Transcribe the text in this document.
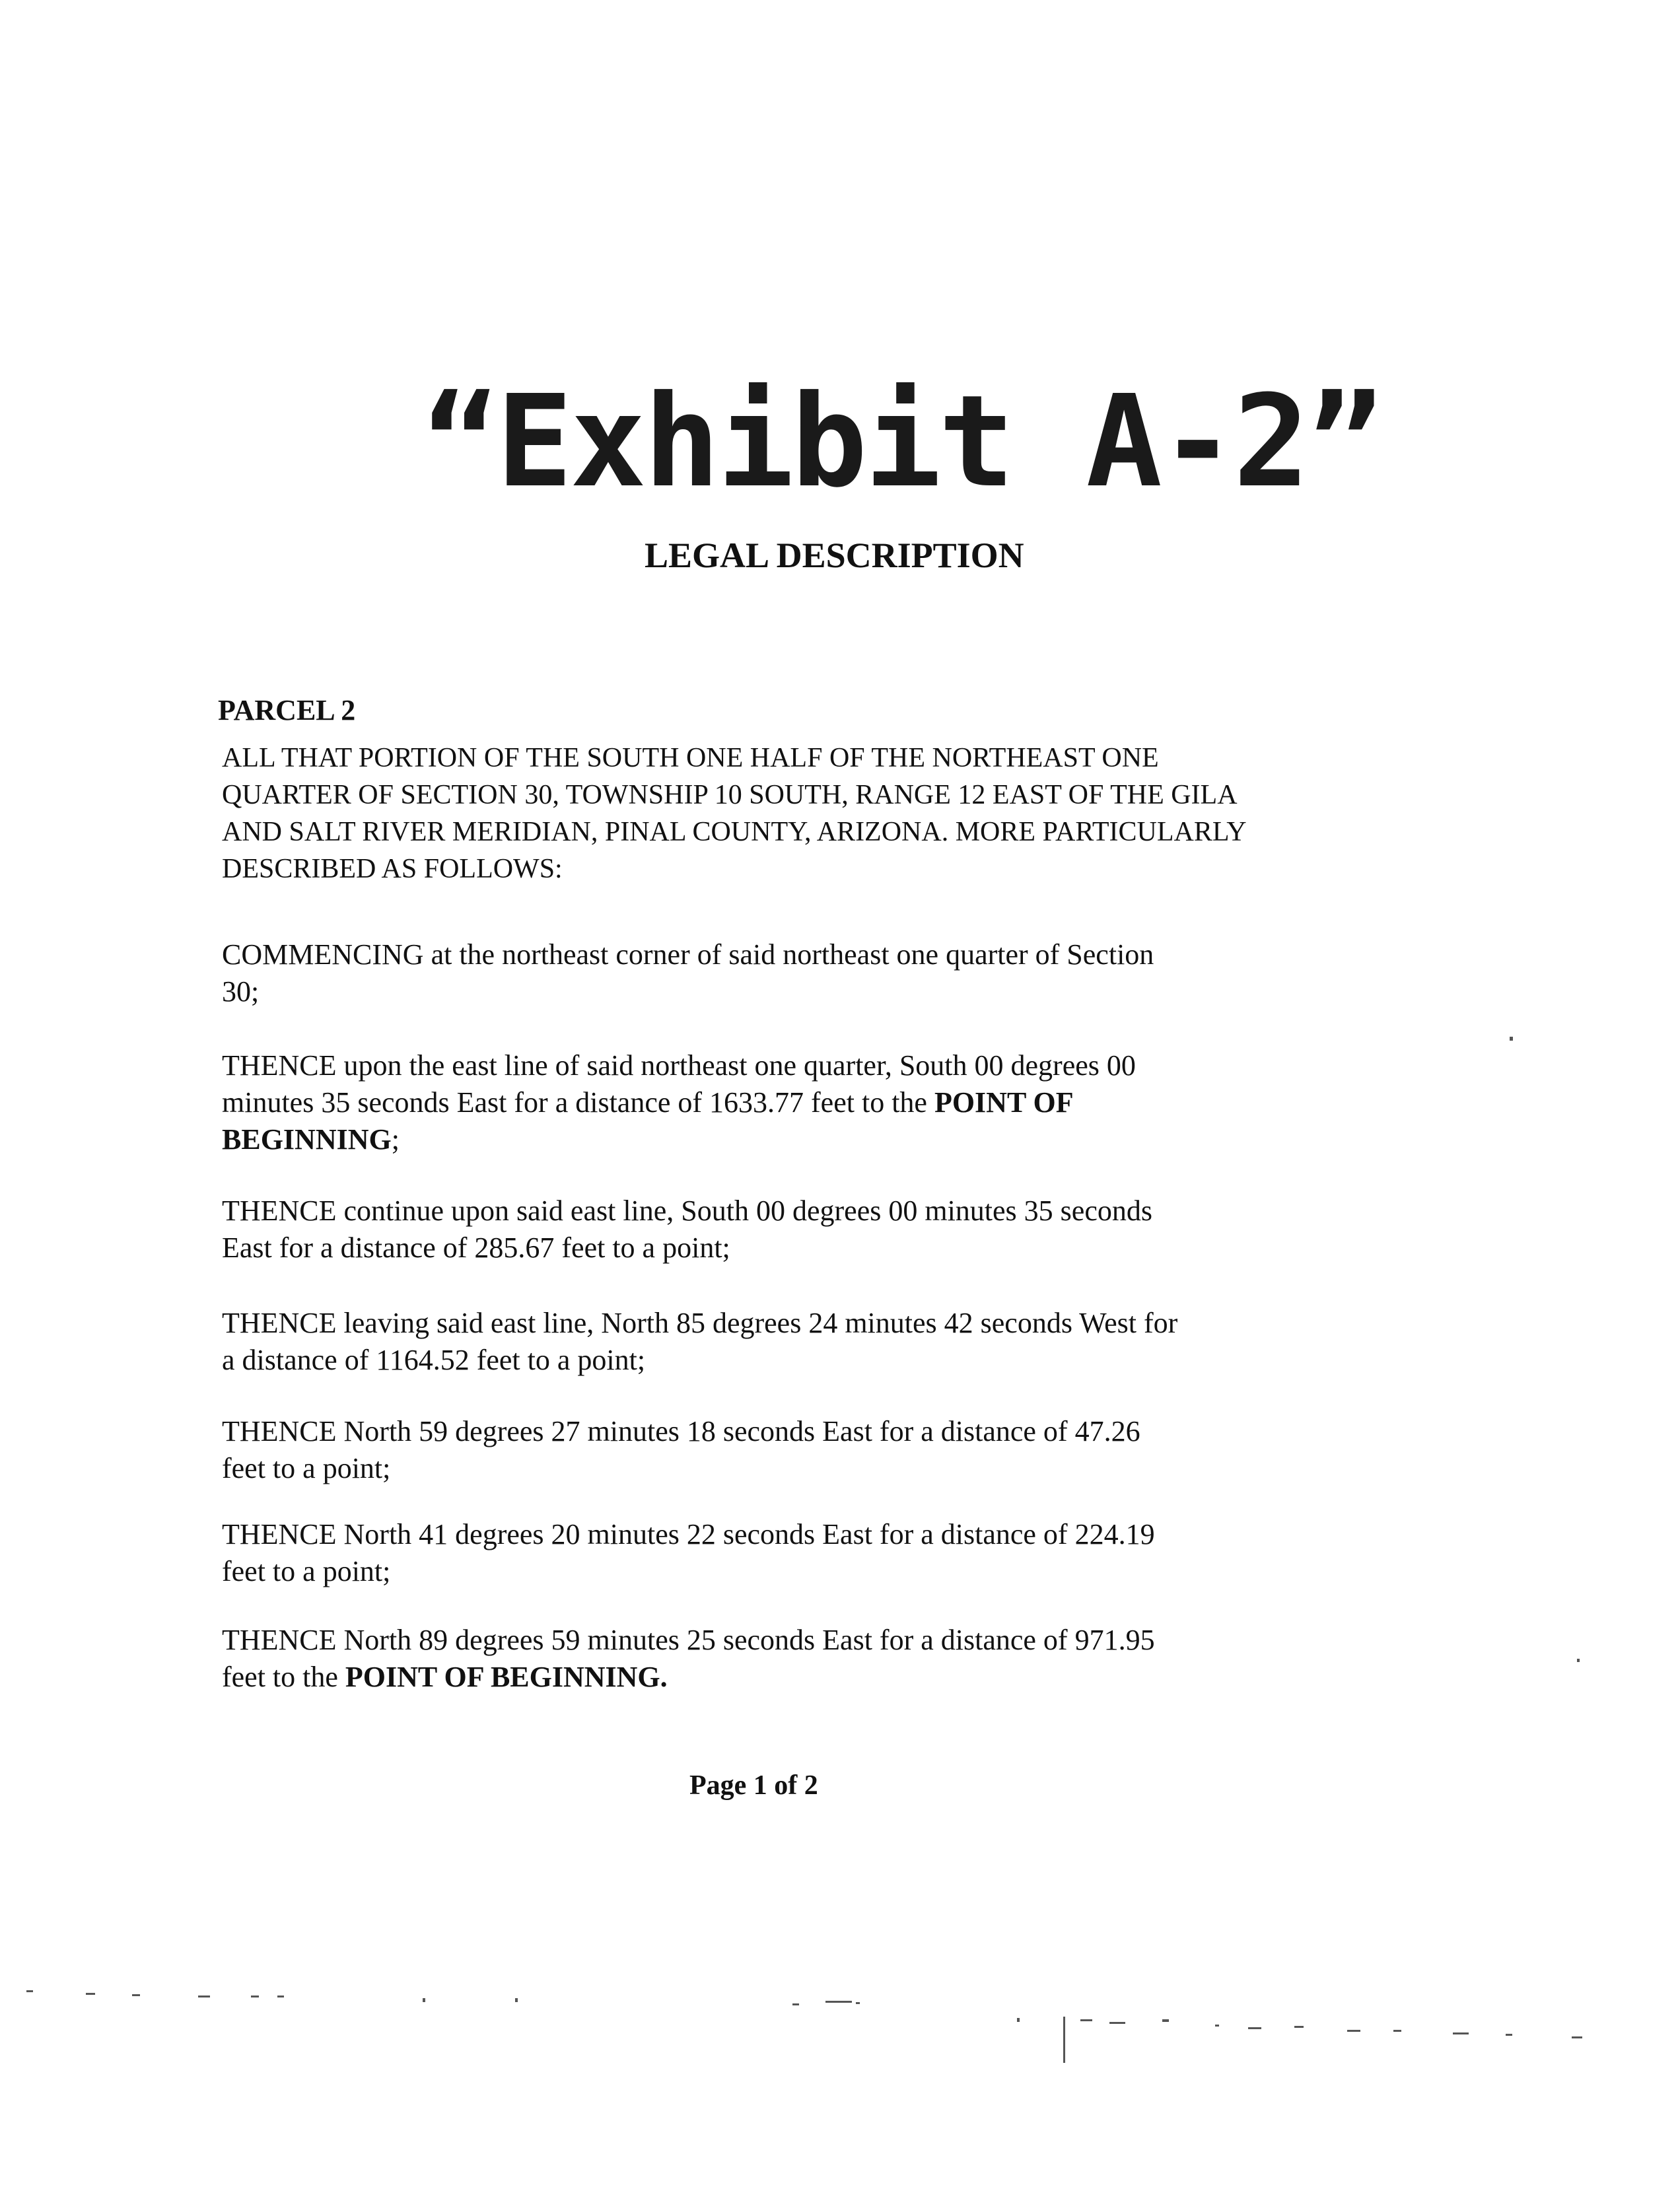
“Exhibit A-2”
LEGAL DESCRIPTION
PARCEL 2
ALL THAT PORTION OF THE SOUTH ONE HALF OF THE NORTHEAST ONE
QUARTER OF SECTION 30, TOWNSHIP 10 SOUTH, RANGE 12 EAST OF THE GILA
AND SALT RIVER MERIDIAN, PINAL COUNTY, ARIZONA. MORE PARTICULARLY
DESCRIBED AS FOLLOWS:
COMMENCING at the northeast corner of said northeast one quarter of Section
30;
THENCE upon the east line of said northeast one quarter, South 00 degrees 00
minutes 35 seconds East for a distance of 1633.77 feet to the POINT OF
BEGINNING;
THENCE continue upon said east line, South 00 degrees 00 minutes 35 seconds
East for a distance of 285.67 feet to a point;
THENCE leaving said east line, North 85 degrees 24 minutes 42 seconds West for
a distance of 1164.52 feet to a point;
THENCE North 59 degrees 27 minutes 18 seconds East for a distance of 47.26
feet to a point;
THENCE North 41 degrees 20 minutes 22 seconds East for a distance of 224.19
feet to a point;
THENCE North 89 degrees 59 minutes 25 seconds East for a distance of 971.95
feet to the POINT OF BEGINNING.
Page 1 of 2
